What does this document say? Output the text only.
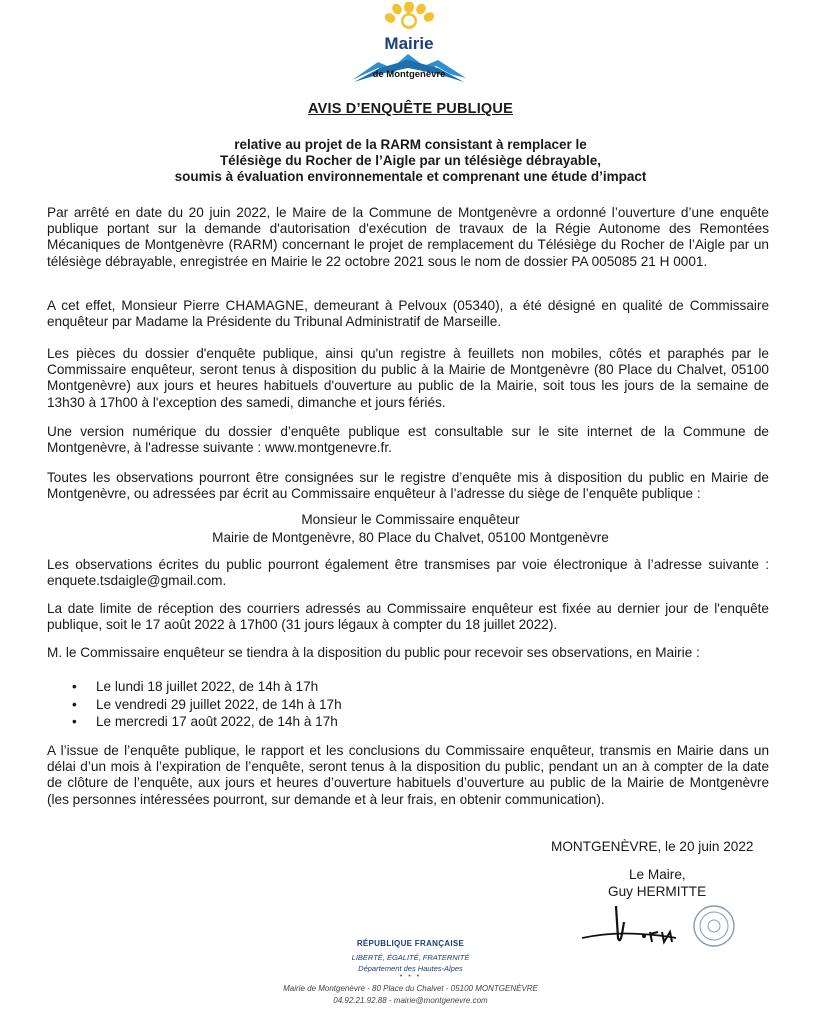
Mairie
de Montgenèvre
AVIS D’ENQUÊTE PUBLIQUE
relative au projet de la RARM consistant à remplacer le
Télésiège du Rocher de l’Aigle par un télésiège débrayable,
soumis à évaluation environnementale et comprenant une étude d’impact
Par arrêté en date du 20 juin 2022, le Maire de la Commune de Montgenèvre a ordonné l’ouverture d’une enquête publique portant sur la demande d'autorisation d'exécution de travaux de la Régie Autonome des Remontées Mécaniques de Montgenèvre (RARM) concernant le projet de remplacement du Télésiège du Rocher de l’Aigle par un télésiège débrayable, enregistrée en Mairie le 22 octobre 2021 sous le nom de dossier PA 005085 21 H 0001.
A cet effet, Monsieur Pierre CHAMAGNE, demeurant à Pelvoux (05340), a été désigné en qualité de Commissaire enquêteur par Madame la Présidente du Tribunal Administratif de Marseille.
Les pièces du dossier d'enquête publique, ainsi qu'un registre à feuillets non mobiles, côtés et paraphés par le Commissaire enquêteur, seront tenus à disposition du public à la Mairie de Montgenèvre (80 Place du Chalvet, 05100 Montgenèvre) aux jours et heures habituels d'ouverture au public de la Mairie, soit tous les jours de la semaine de 13h30 à 17h00 à l'exception des samedi, dimanche et jours fériés.
Une version numérique du dossier d’enquête publique est consultable sur le site internet de la Commune de Montgenèvre, à l'adresse suivante : www.montgenevre.fr.
Toutes les observations pourront être consignées sur le registre d’enquête mis à disposition du public en Mairie de Montgenèvre, ou adressées par écrit au Commissaire enquêteur à l’adresse du siège de l’enquête publique :
Monsieur le Commissaire enquêteur
Mairie de Montgenèvre, 80 Place du Chalvet, 05100 Montgenèvre
Les observations écrites du public pourront également être transmises par voie électronique à l’adresse suivante : enquete.tsdaigle@gmail.com.
La date limite de réception des courriers adressés au Commissaire enquêteur est fixée au dernier jour de l'enquête publique, soit le 17 août 2022 à 17h00 (31 jours légaux à compter du 18 juillet 2022).
M. le Commissaire enquêteur se tiendra à la disposition du public pour recevoir ses observations, en Mairie :
• Le lundi 18 juillet 2022, de 14h à 17h
• Le vendredi 29 juillet 2022, de 14h à 17h
• Le mercredi 17 août 2022, de 14h à 17h
A l’issue de l’enquête publique, le rapport et les conclusions du Commissaire enquêteur, transmis en Mairie dans un délai d’un mois à l’expiration de l’enquête, seront tenus à la disposition du public, pendant un an à compter de la date de clôture de l’enquête, aux jours et heures d’ouverture habituels d’ouverture au public de la Mairie de Montgenèvre (les personnes intéressées pourront, sur demande et à leur frais, en obtenir communication).
MONTGENÈVRE, le 20 juin 2022
Le Maire,
Guy HERMITTE
RÉPUBLIQUE FRANÇAISE
LIBERTÉ, ÉGALITÉ, FRATERNITÉ
Département des Hautes-Alpes
• • •
Mairie de Montgenèvre - 80 Place du Chalvet - 05100 MONTGENÈVRE
04.92.21.92.88 - mairie@montgenevre.com
